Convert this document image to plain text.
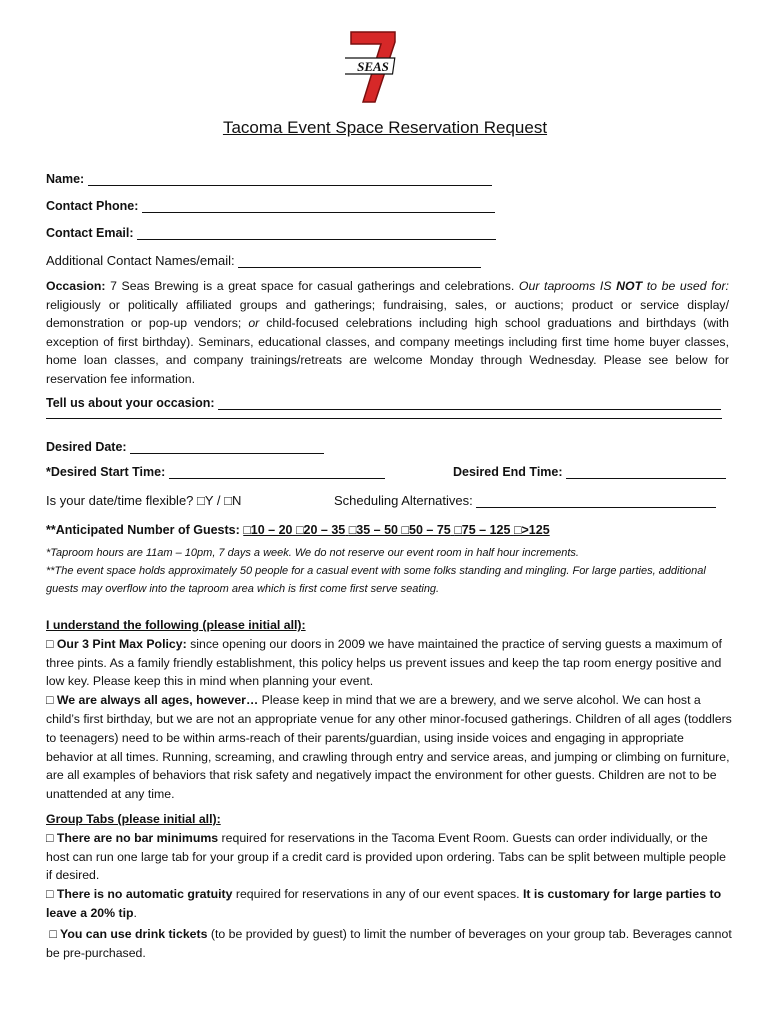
SEAS
Tacoma Event Space Reservation Request
Name:
Contact Phone:
Contact Email:
Additional Contact Names/email:
Occasion: 7 Seas Brewing is a great space for casual gatherings and celebrations. Our taprooms IS NOT to be used for: religiously or politically affiliated groups and gatherings; fundraising, sales, or auctions; product or service display/ demonstration or pop-up vendors; or child-focused celebrations including high school graduations and birthdays (with exception of first birthday). Seminars, educational classes, and company meetings including first time home buyer classes, home loan classes, and company trainings/retreats are welcome Monday through Wednesday. Please see below for reservation fee information.
Tell us about your occasion:
Desired Date:
*Desired Start Time:	Desired End Time:
Is your date/time flexible? □Y / □N	Scheduling Alternatives:
**Anticipated Number of Guests: □10 – 20 □20 – 35 □35 – 50 □50 – 75 □75 – 125 □>125
*Taproom hours are 11am – 10pm, 7 days a week. We do not reserve our event room in half hour increments.
**The event space holds approximately 50 people for a casual event with some folks standing and mingling. For large parties, additional guests may overflow into the taproom area which is first come first serve seating.
I understand the following (please initial all):
□ Our 3 Pint Max Policy: since opening our doors in 2009 we have maintained the practice of serving guests a maximum of three pints. As a family friendly establishment, this policy helps us prevent issues and keep the tap room energy positive and low key. Please keep this in mind when planning your event.
□ We are always all ages, however… Please keep in mind that we are a brewery, and we serve alcohol. We can host a child’s first birthday, but we are not an appropriate venue for any other minor-focused gatherings. Children of all ages (toddlers to teenagers) need to be within arms-reach of their parents/guardian, using inside voices and engaging in appropriate behavior at all times. Running, screaming, and crawling through entry and service areas, and jumping or climbing on furniture, are all examples of behaviors that risk safety and negatively impact the environment for other guests. Children are not to be unattended at any time.
Group Tabs (please initial all):
□ There are no bar minimums required for reservations in the Tacoma Event Room. Guests can order individually, or the host can run one large tab for your group if a credit card is provided upon ordering. Tabs can be split between multiple people if desired.
□ There is no automatic gratuity required for reservations in any of our event spaces. It is customary for large parties to leave a 20% tip.
□ You can use drink tickets (to be provided by guest) to limit the number of beverages on your group tab. Beverages cannot be pre-purchased.
